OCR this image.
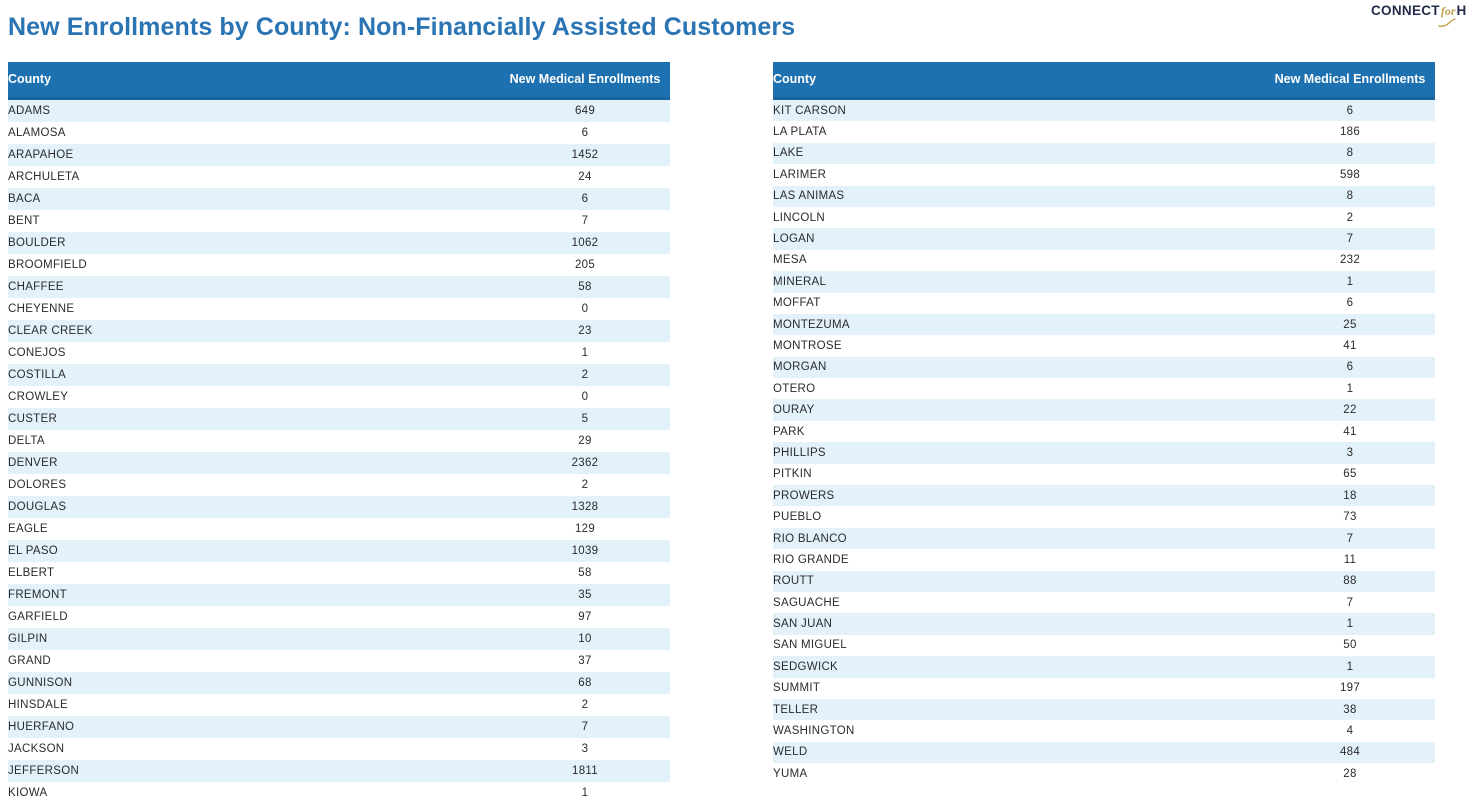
New Enrollments by County: Non-Financially Assisted Customers
CONNECT for H
County	New Medical Enrollments
ADAMS	649
ALAMOSA	6
ARAPAHOE	1452
ARCHULETA	24
BACA	6
BENT	7
BOULDER	1062
BROOMFIELD	205
CHAFFEE	58
CHEYENNE	0
CLEAR CREEK	23
CONEJOS	1
COSTILLA	2
CROWLEY	0
CUSTER	5
DELTA	29
DENVER	2362
DOLORES	2
DOUGLAS	1328
EAGLE	129
EL PASO	1039
ELBERT	58
FREMONT	35
GARFIELD	97
GILPIN	10
GRAND	37
GUNNISON	68
HINSDALE	2
HUERFANO	7
JACKSON	3
JEFFERSON	1811
KIOWA	1
County	New Medical Enrollments
KIT CARSON	6
LA PLATA	186
LAKE	8
LARIMER	598
LAS ANIMAS	8
LINCOLN	2
LOGAN	7
MESA	232
MINERAL	1
MOFFAT	6
MONTEZUMA	25
MONTROSE	41
MORGAN	6
OTERO	1
OURAY	22
PARK	41
PHILLIPS	3
PITKIN	65
PROWERS	18
PUEBLO	73
RIO BLANCO	7
RIO GRANDE	11
ROUTT	88
SAGUACHE	7
SAN JUAN	1
SAN MIGUEL	50
SEDGWICK	1
SUMMIT	197
TELLER	38
WASHINGTON	4
WELD	484
YUMA	28
